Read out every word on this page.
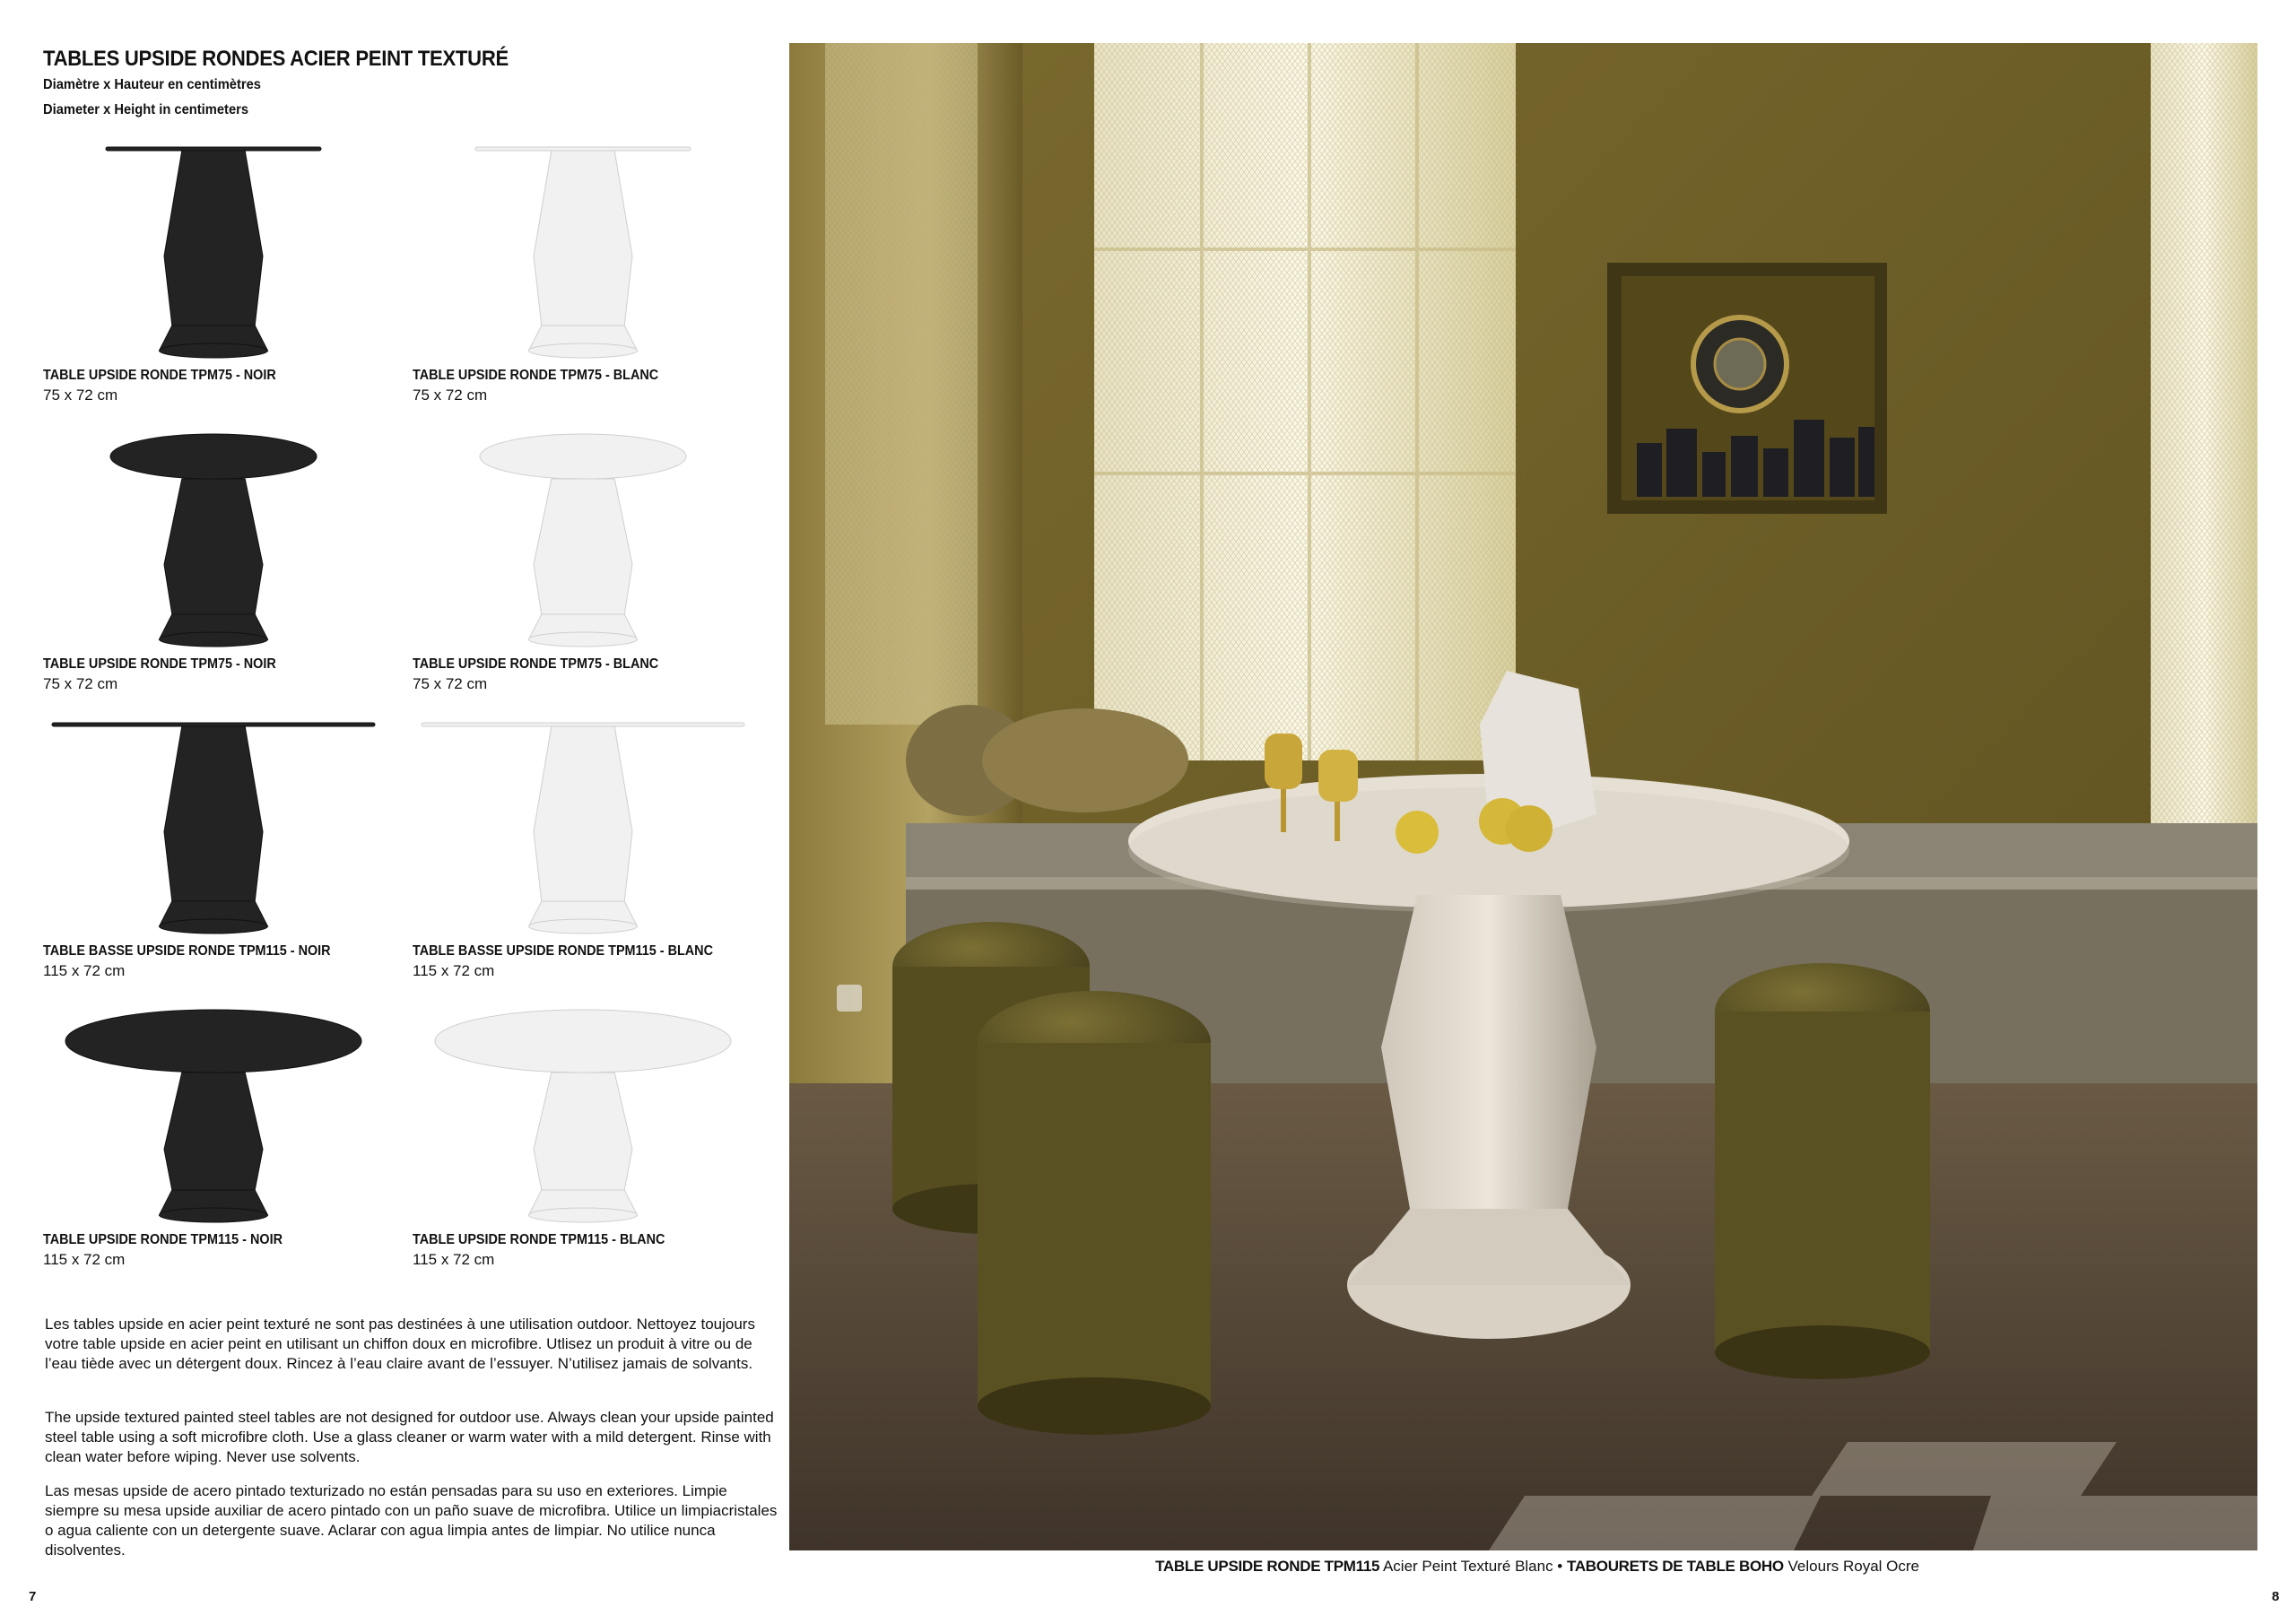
TABLES UPSIDE RONDES ACIER PEINT TEXTURÉ
Diamètre x Hauteur en centimètres
Diameter x Height in centimeters
TABLE UPSIDE RONDE TPM75 - NOIR
75 x 72 cm
TABLE UPSIDE RONDE TPM75 - BLANC
75 x 72 cm
TABLE UPSIDE RONDE TPM75 - NOIR
75 x 72 cm
TABLE UPSIDE RONDE TPM75 - BLANC
75 x 72 cm
TABLE BASSE UPSIDE RONDE TPM115 - NOIR
115 x 72 cm
TABLE BASSE UPSIDE RONDE TPM115 - BLANC
115 x 72 cm
TABLE UPSIDE RONDE TPM115 - NOIR
115 x 72 cm
TABLE UPSIDE RONDE TPM115 - BLANC
115 x 72 cm
Les tables upside en acier peint texturé ne sont pas destinées à une utilisation outdoor. Nettoyez toujours votre table upside en acier peint en utilisant un chiffon doux en microfibre. Utlisez un produit à vitre ou de l’eau tiède avec un détergent doux. Rincez à l’eau claire avant de l’essuyer. N’utilisez jamais de solvants.
The upside textured painted steel tables are not designed for outdoor use. Always clean your upside painted steel table using a soft microfibre cloth. Use a glass cleaner or warm water with a mild detergent. Rinse with clean water before wiping. Never use solvents.
Las mesas upside de acero pintado texturizado no están pensadas para su uso en exteriores. Limpie siempre su mesa upside auxiliar de acero pintado con un paño suave de microfibra. Utilice un limpiacristales o agua caliente con un detergente suave. Aclarar con agua limpia antes de limpiar. No utilice nunca disolventes.
7
TABLE UPSIDE RONDE TPM115 Acier Peint Texturé Blanc • TABOURETS DE TABLE BOHO Velours Royal Ocre
8
